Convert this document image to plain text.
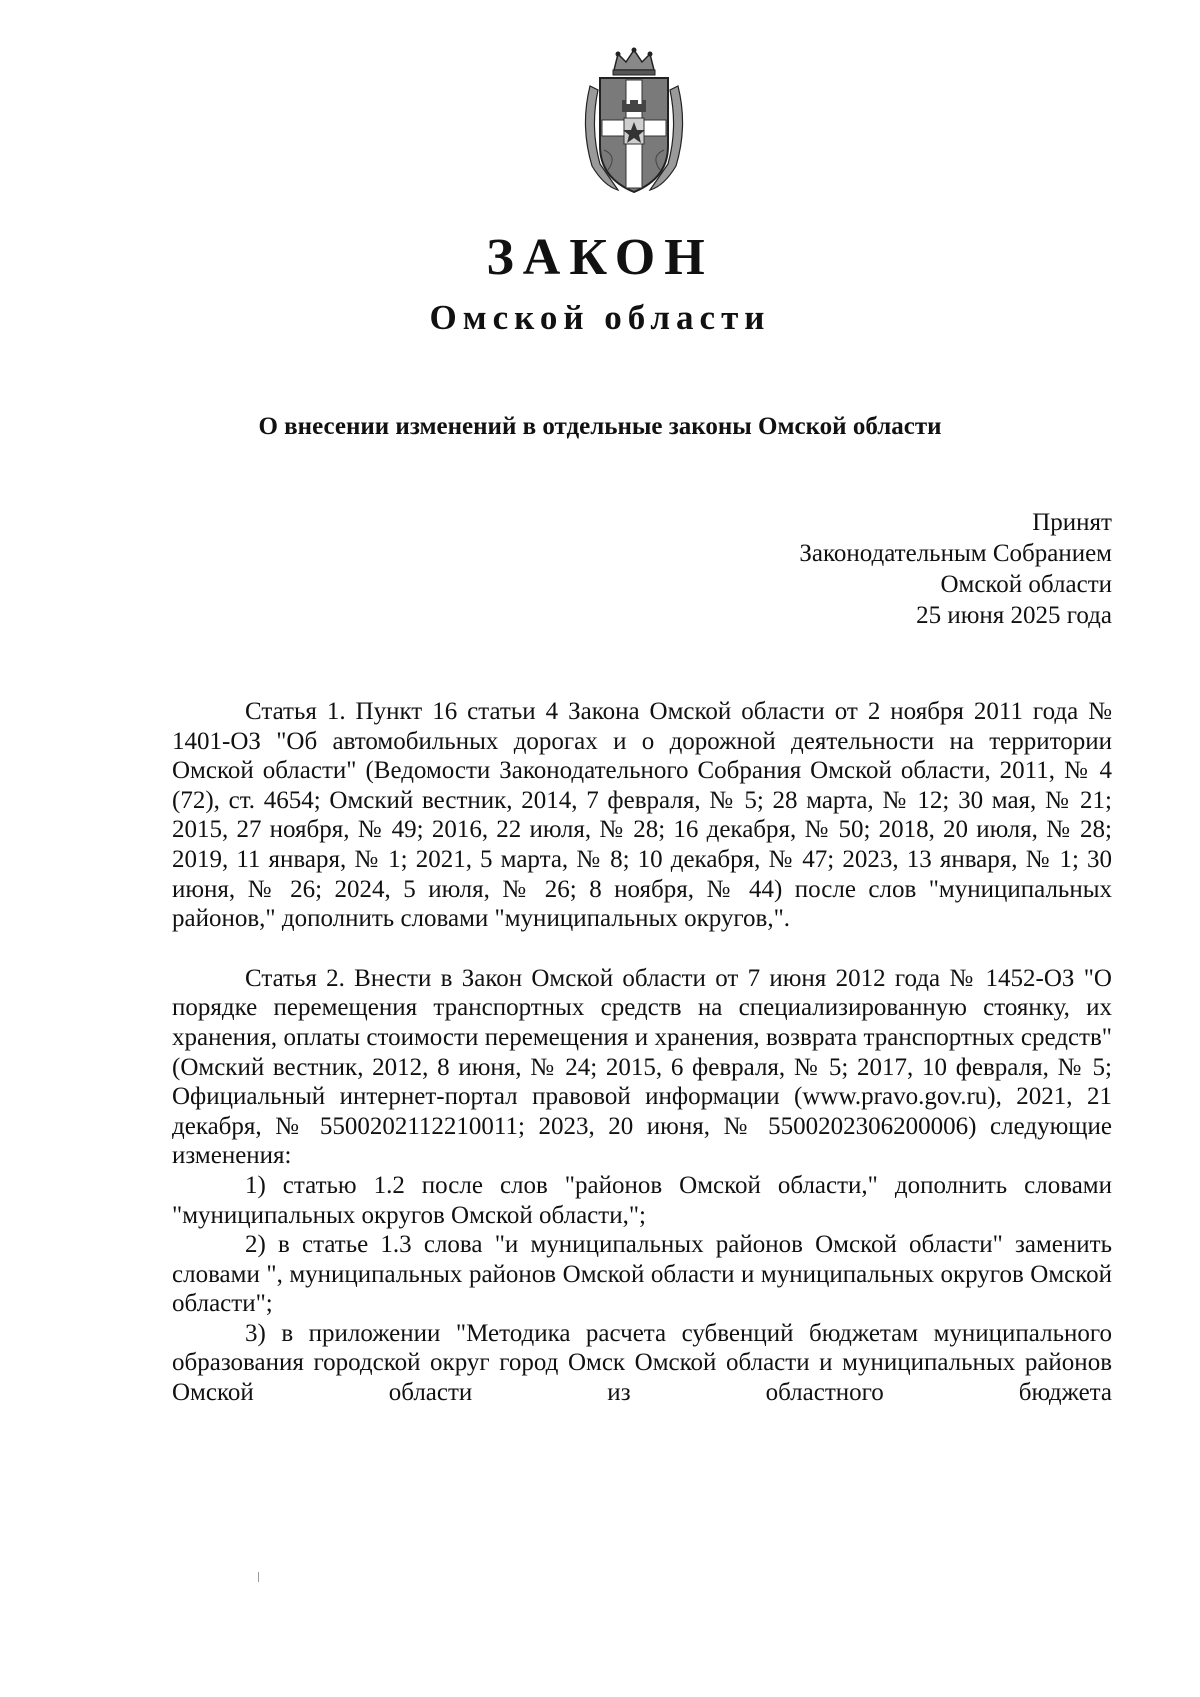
ЗАКОН
Омской области
О внесении изменений в отдельные законы Омской области
Принят
Законодательным Собранием
Омской области
25 июня 2025 года

Статья 1. Пункт 16 статьи 4 Закона Омской области от 2 ноября 2011 года № 1401-ОЗ "Об автомобильных дорогах и о дорожной деятельности на территории Омской области" (Ведомости Законодательного Собрания Омской области, 2011, № 4 (72), ст. 4654; Омский вестник, 2014, 7 февраля, № 5; 28 марта, № 12; 30 мая, № 21; 2015, 27 ноября, № 49; 2016, 22 июля, № 28; 16 декабря, № 50; 2018, 20 июля, № 28; 2019, 11 января, № 1; 2021, 5 марта, № 8; 10 декабря, № 47; 2023, 13 января, № 1; 30 июня, № 26; 2024, 5 июля, № 26; 8 ноября, № 44) после слов "муниципальных районов," дополнить словами "муниципальных округов,".

Статья 2. Внести в Закон Омской области от 7 июня 2012 года № 1452-ОЗ "О порядке перемещения транспортных средств на специализированную стоянку, их хранения, оплаты стоимости перемещения и хранения, возврата транспортных средств" (Омский вестник, 2012, 8 июня, № 24; 2015, 6 февраля, № 5; 2017, 10 февраля, № 5; Официальный интернет-портал правовой информации (www.pravo.gov.ru), 2021, 21 декабря, № 5500202112210011; 2023, 20 июня, № 5500202306200006) следующие изменения:

1) статью 1.2 после слов "районов Омской области," дополнить словами "муниципальных округов Омской области,";

2) в статье 1.3 слова "и муниципальных районов Омской области" заменить словами ", муниципальных районов Омской области и муниципальных округов Омской области";

3) в приложении "Методика расчета субвенций бюджетам муниципального образования городской округ город Омск Омской области и муниципальных районов Омской области из областного бюджета
